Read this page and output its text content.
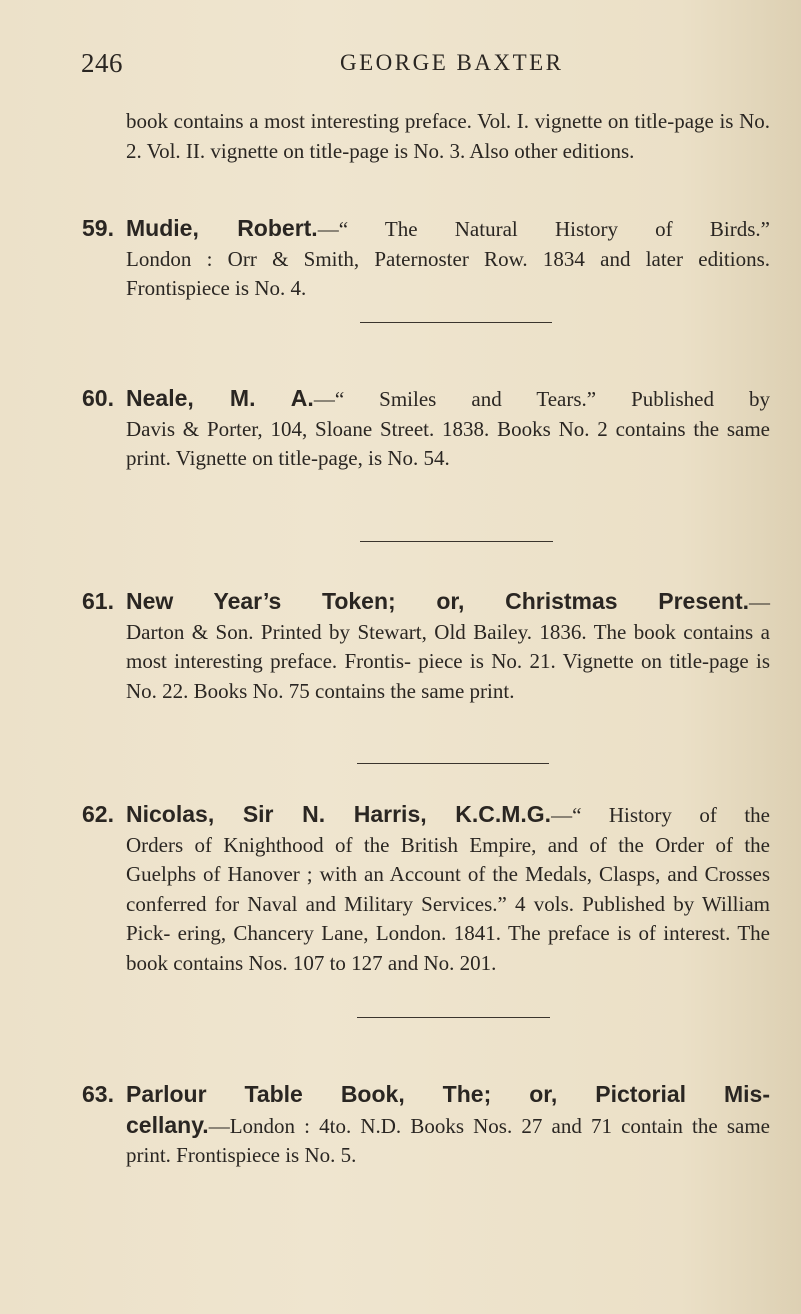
246	GEORGE BAXTER
book contains a most interesting preface. Vol. I. vignette on title-page is No. 2. Vol. II. vignette on title-page is No. 3. Also other editions.
59. Mudie, Robert.—“ The Natural History of Birds.”
London : Orr & Smith, Paternoster Row. 1834 and later editions. Frontispiece is No. 4.
60. Neale, M. A.—“ Smiles and Tears.” Published by
Davis & Porter, 104, Sloane Street. 1838. Books No. 2 contains the same print. Vignette on title-page, is No. 54.
61. New Year’s Token; or, Christmas Present.—
Darton & Son. Printed by Stewart, Old Bailey. 1836. The book contains a most interesting preface. Frontis- piece is No. 21. Vignette on title-page is No. 22. Books No. 75 contains the same print.
62. Nicolas, Sir N. Harris, K.C.M.G.—“ History of the
Orders of Knighthood of the British Empire, and of the Order of the Guelphs of Hanover ; with an Account of the Medals, Clasps, and Crosses conferred for Naval and Military Services.” 4 vols. Published by William Pick- ering, Chancery Lane, London. 1841. The preface is of interest. The book contains Nos. 107 to 127 and No. 201.
63. Parlour Table Book, The; or, Pictorial Mis-
cellany.—London : 4to. N.D. Books Nos. 27 and 71 contain the same print. Frontispiece is No. 5.
